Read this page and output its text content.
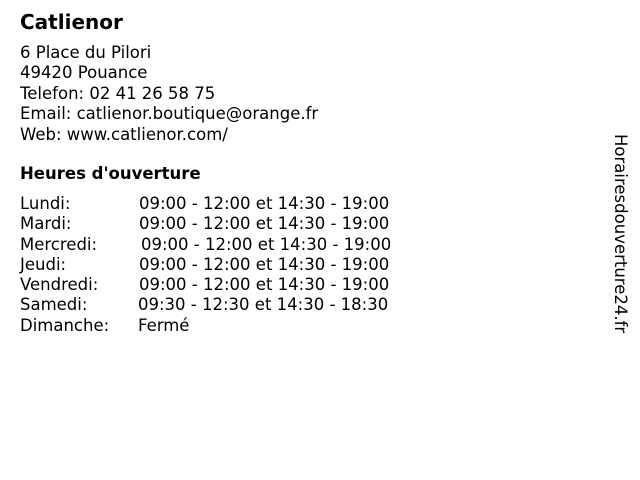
Catlienor
6 Place du Pilori
49420 Pouance
Telefon: 02 41 26 58 75
Email: catlienor.boutique@orange.fr
Web: www.catlienor.com/
Heures d'ouverture
Lundi:	09:00 - 12:00 et 14:30 - 19:00
Mardi:	09:00 - 12:00 et 14:30 - 19:00
Mercredi:	09:00 - 12:00 et 14:30 - 19:00
Jeudi:	09:00 - 12:00 et 14:30 - 19:00
Vendredi: 09:00 - 12:00 et 14:30 - 19:00
Samedi:	09:30 - 12:30 et 14:30 - 18:30
Dimanche: Fermé	Horairesdouverture24.fr
